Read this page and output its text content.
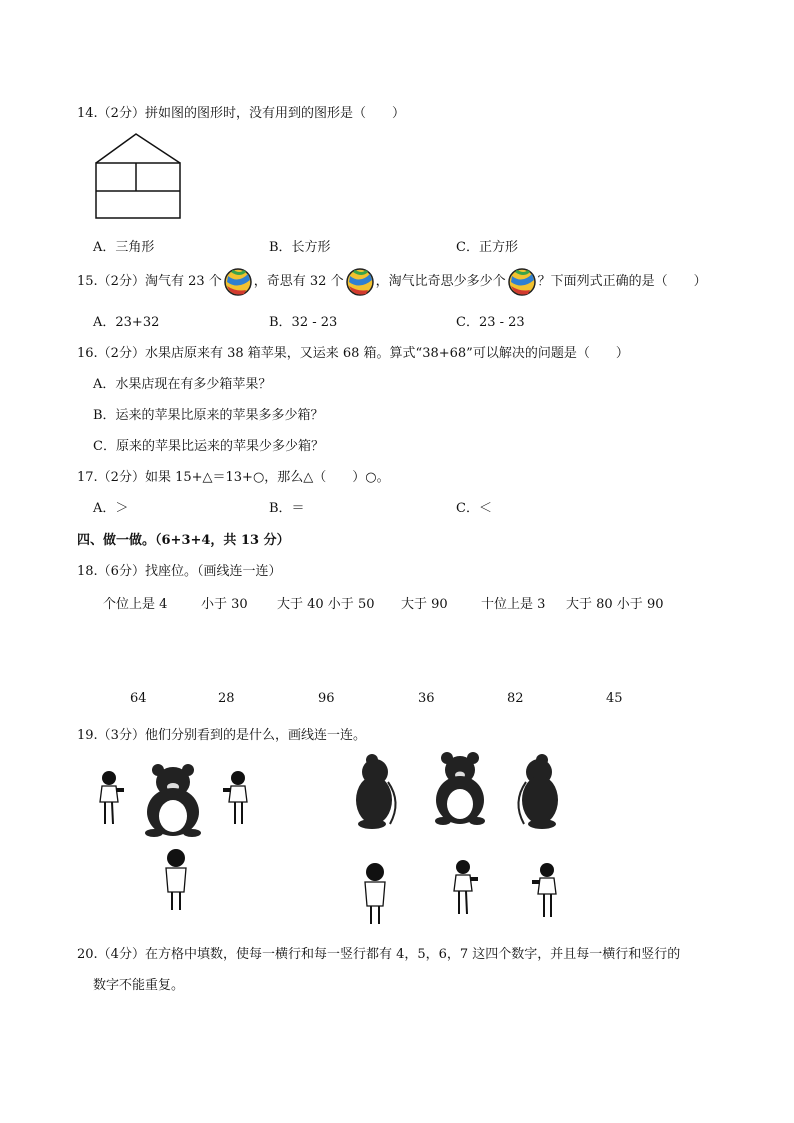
14.（2分）拼如图的图形时，没有用到的图形是（　　）
A．三角形	B．长方形	C．正方形
15.（2分）淘气有 23 个 ，奇思有 32 个 ，淘气比奇思少多少个 ？下面列式正确的是（　　）
A．23+32	B．32 - 23	C．23 - 23
16.（2分）水果店原来有 38 箱苹果，又运来 68 箱。算式“38+68”可以解决的问题是（　　）
A．水果店现在有多少箱苹果？
B．运来的苹果比原来的苹果多多少箱？
C．原来的苹果比运来的苹果少多少箱？
17.（2分）如果 15+△＝13+○，那么△（　　）○。
A．＞	B．＝	C．＜
四、做一做。（6+3+4，共 13 分）
18.（6分）找座位。（画线连一连）
个位上是 4	小于 30 大于 40 小于 50 大于 90	十位上是 3 大于 80 小于 90
64	28	96	36	82	45
19.（3分）他们分别看到的是什么，画线连一连。
20.（4分）在方格中填数，使每一横行和每一竖行都有 4，5，6，7 这四个数字，并且每一横行和竖行的
数字不能重复。
